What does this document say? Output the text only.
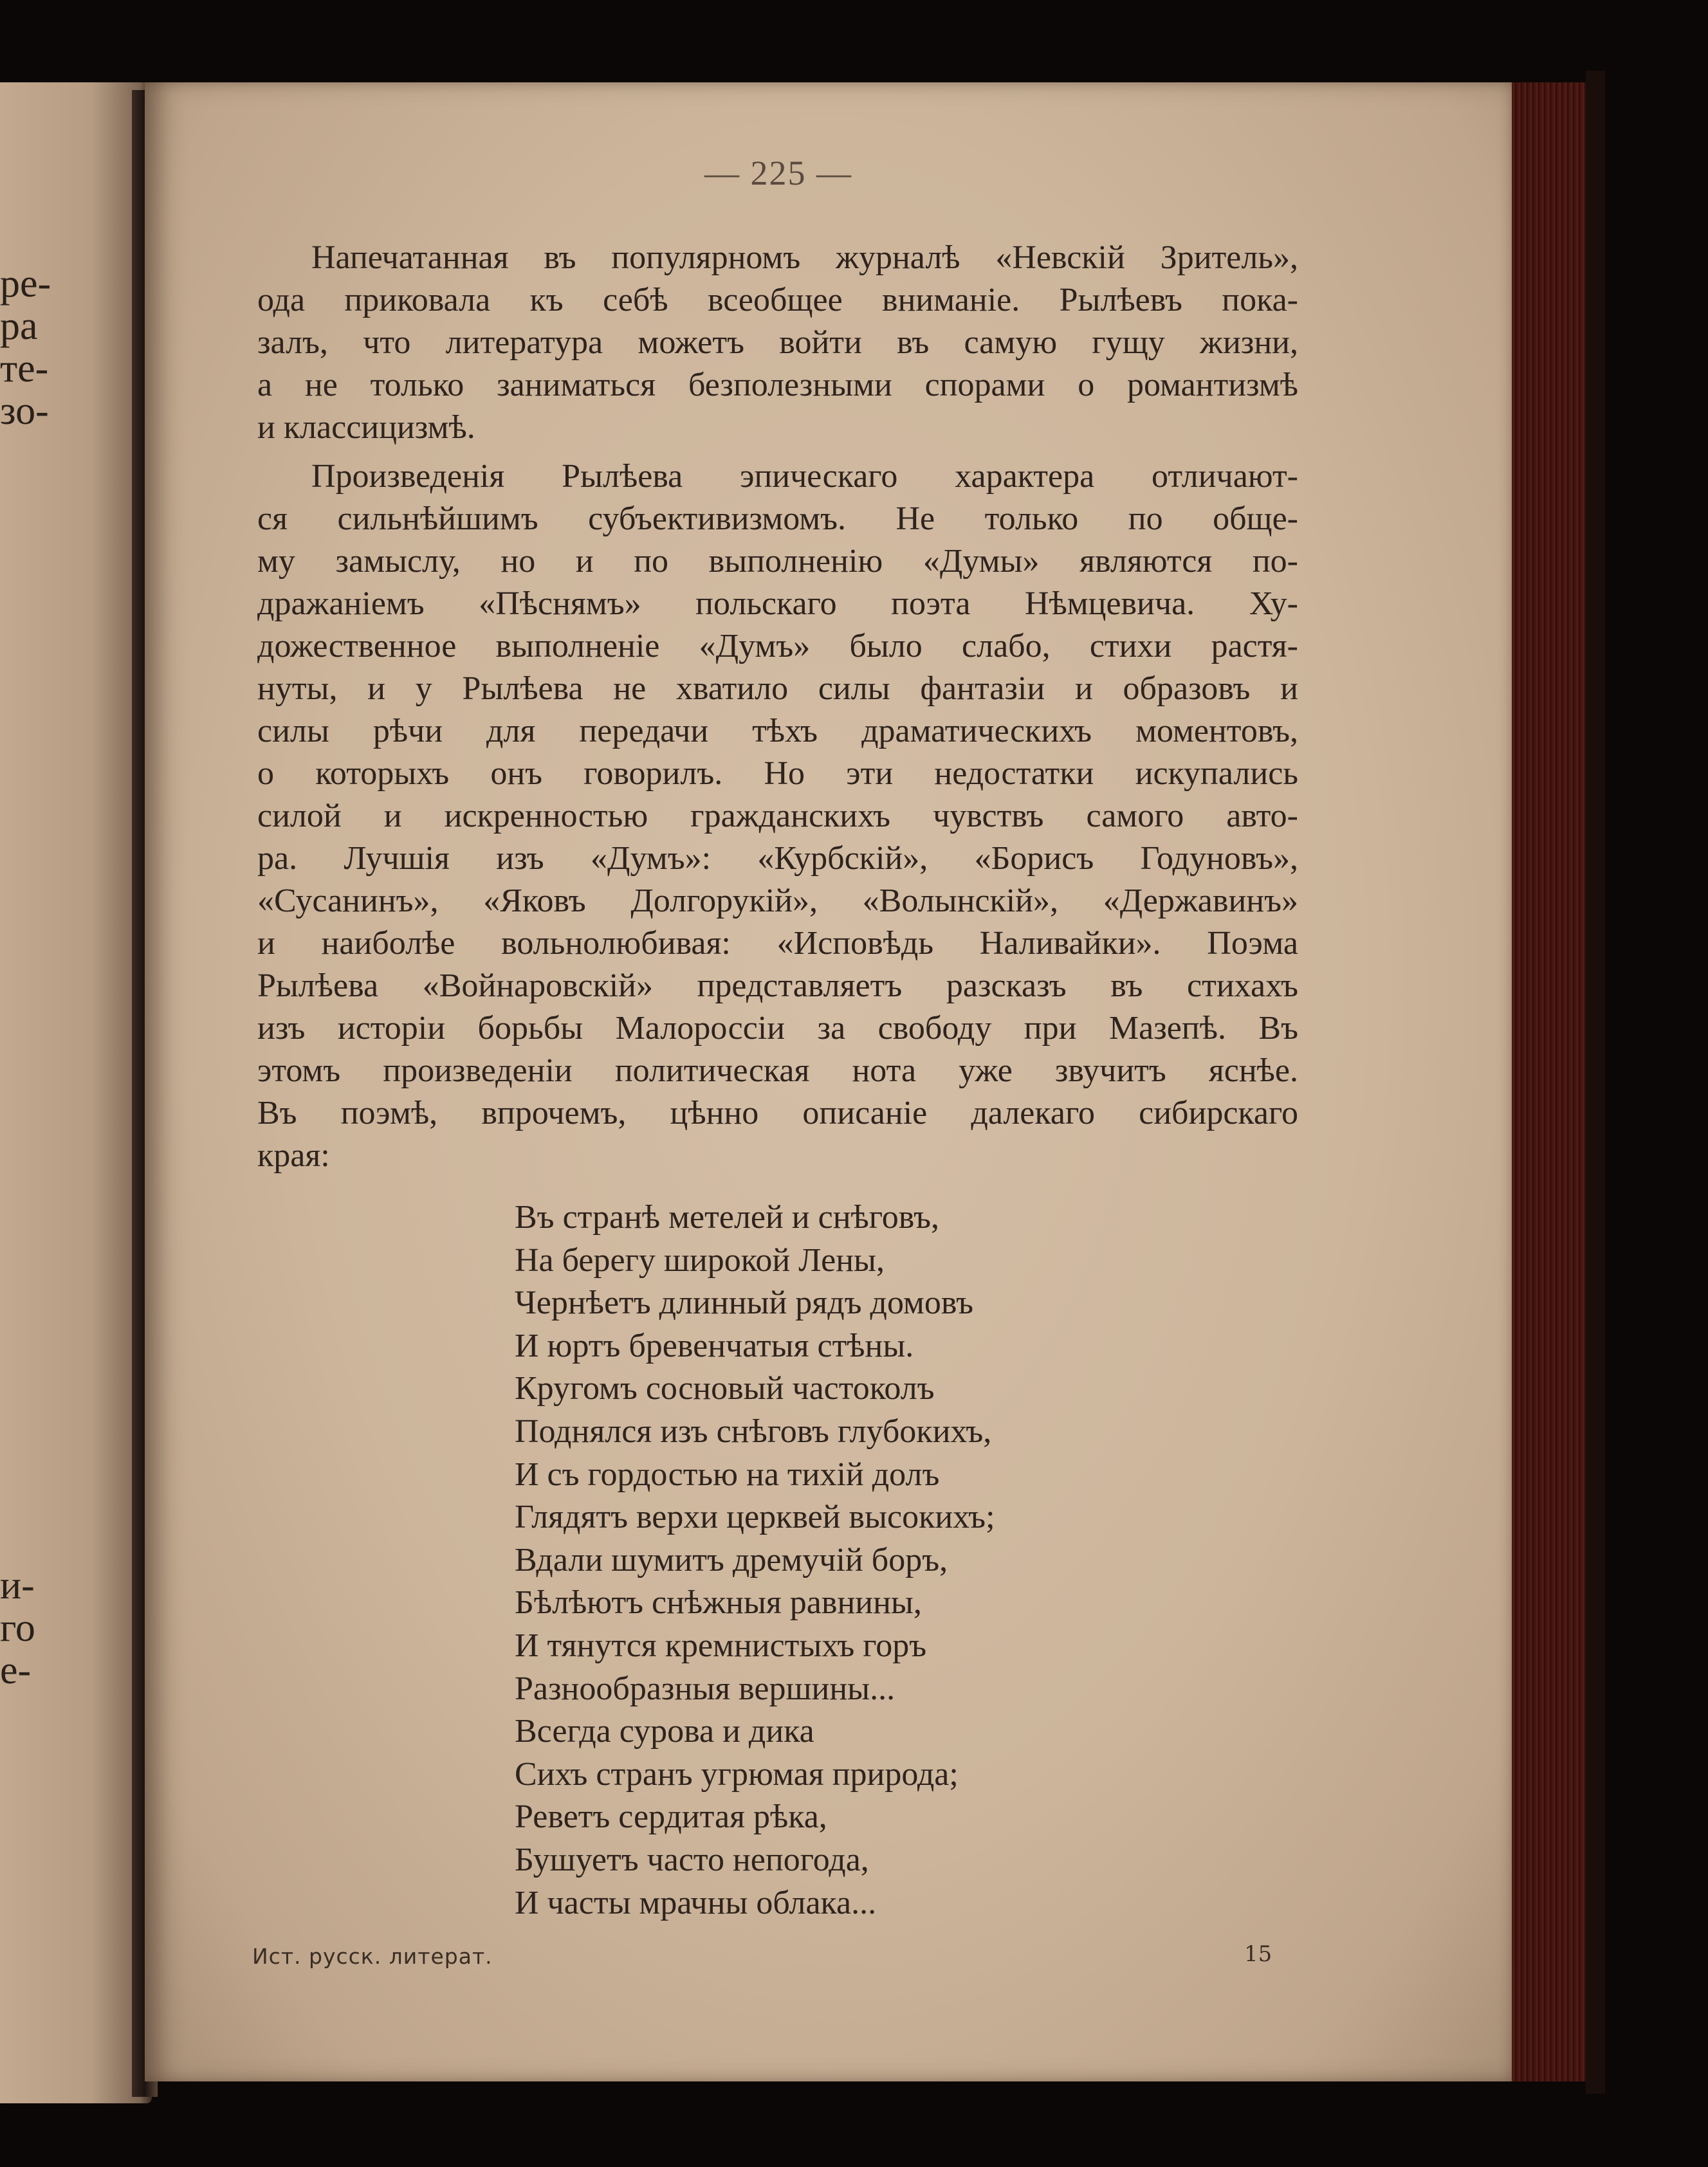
ре-
ра
те-
зо-
и-
го
е-
— 225 —

Напечатанная въ популярномъ журналѣ «Невскій Зритель»,
ода приковала къ себѣ всеобщее вниманіе. Рылѣевъ пока-
залъ, что литература можетъ войти въ самую гущу жизни,
а не только заниматься безполезными спорами о романтизмѣ
и классицизмѣ.

Произведенія Рылѣева эпическаго характера отличают-
ся сильнѣйшимъ субъективизмомъ. Не только по обще-
му замыслу, но и по выполненію «Думы» являются по-
дражаніемъ «Пѣснямъ» польскаго поэта Нѣмцевича. Ху-
дожественное выполненіе «Думъ» было слабо, стихи растя-
нуты, и у Рылѣева не хватило силы фантазіи и образовъ и
силы рѣчи для передачи тѣхъ драматическихъ моментовъ,
о которыхъ онъ говорилъ. Но эти недостатки искупались
силой и искренностью гражданскихъ чувствъ самого авто-
ра. Лучшія изъ «Думъ»: «Курбскій», «Борисъ Годуновъ»,
«Сусанинъ», «Яковъ Долгорукій», «Волынскій», «Державинъ»
и наиболѣе вольнолюбивая: «Исповѣдь Наливайки». Поэма
Рылѣева «Войнаровскій» представляетъ разсказъ въ стихахъ
изъ исторіи борьбы Малороссіи за свободу при Мазепѣ. Въ
этомъ произведеніи политическая нота уже звучитъ яснѣе.
Въ поэмѣ, впрочемъ, цѣнно описаніе далекаго сибирскаго
края:

Въ странѣ метелей и снѣговъ,
На берегу широкой Лены,
Чернѣетъ длинный рядъ домовъ
И юртъ бревенчатыя стѣны.
Кругомъ сосновый частоколъ
Поднялся изъ снѣговъ глубокихъ,
И съ гордостью на тихій долъ
Глядятъ верхи церквей высокихъ;
Вдали шумитъ дремучій боръ,
Бѣлѣютъ снѣжныя равнины,
И тянутся кремнистыхъ горъ
Разнообразныя вершины...
Всегда сурова и дика
Сихъ странъ угрюмая природа;
Реветъ сердитая рѣка,
Бушуетъ часто непогода,
И часты мрачны облака...
Ист. русск. литерат.	15
